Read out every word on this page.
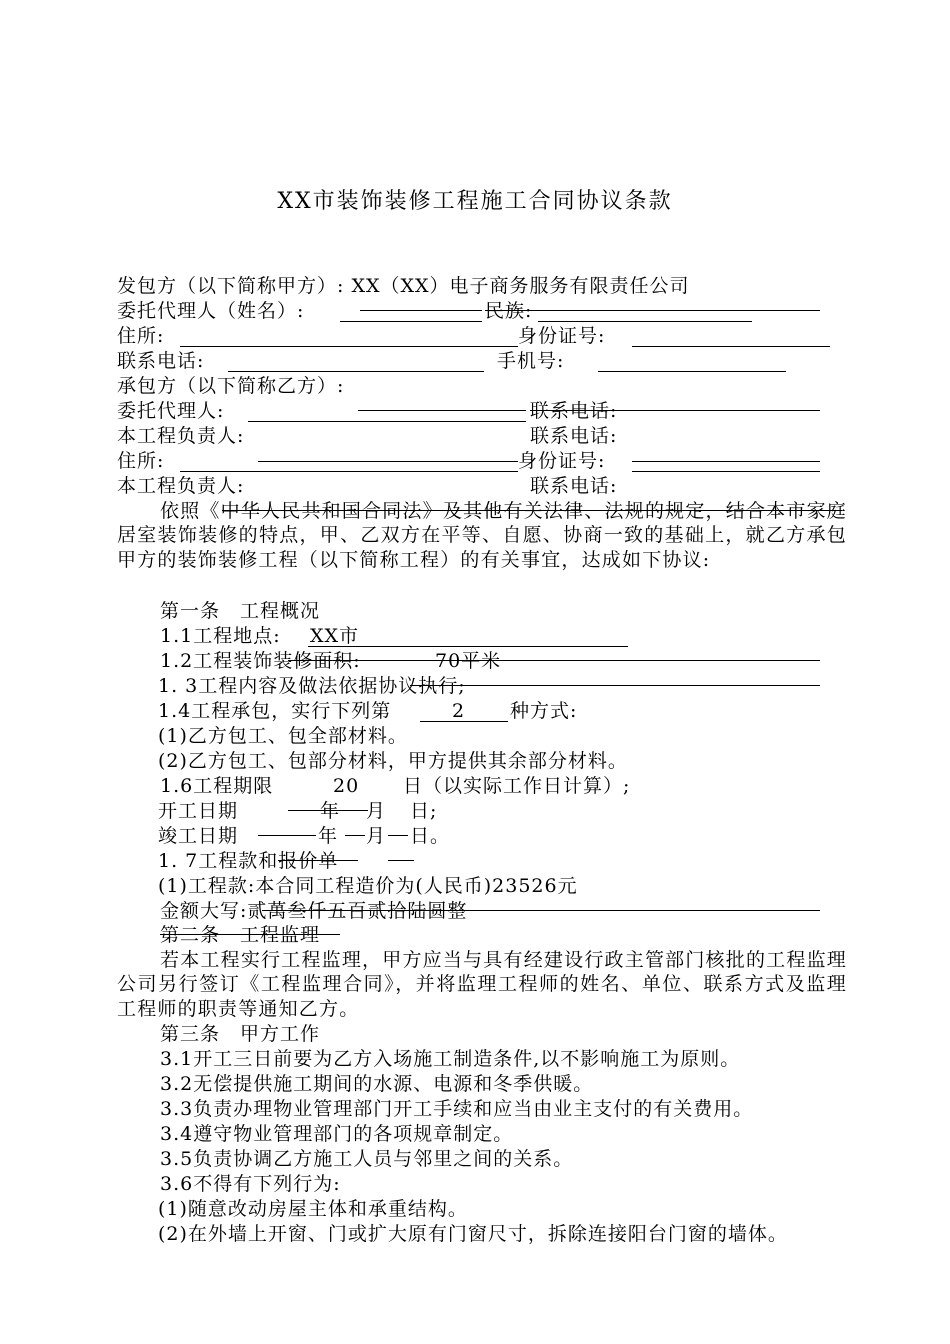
XX市装饰装修工程施工合同协议条款
发包方（以下简称甲方）: XX（XX）电子商务服务有限责任公司
委托代理人（姓名）:	民族:
住所:	身份证号:
联系电话:	手机号:
承包方（以下简称乙方）:
委托代理人:	联系电话:
本工程负责人:	联系电话:
住所:	身份证号:
本工程负责人:	联系电话:
依照《中华人民共和国合同法》及其他有关法律、法规的规定，结合本市家庭居室装饰装修的特点，甲、乙双方在平等、自愿、协商一致的基础上，就乙方承包甲方的装饰装修工程（以下简称工程）的有关事宜，达成如下协议:
第一条　工程概况
1.1工程地点: XX市
1.2工程装饰装修面积:	70平米
1. 3工程内容及做法依据协议执行;
1.4工程承包，实行下列第	2 种方式:
(1)乙方包工、包全部材料。
(2)乙方包工、包部分材料，甲方提供其余部分材料。
1.6工程期限	20 日（以实际工作日计算）;
开工日期	年 月 日;
竣工日期	年 月 日。
1. 7工程款和报价单
(1)工程款:本合同工程造价为(人民币)23526元
金额大写:贰萬叁仟五百贰拾陆圆整
第二条　工程监理
若本工程实行工程监理，甲方应当与具有经建设行政主管部门核批的工程监理公司另行签订《工程监理合同》，并将监理工程师的姓名、单位、联系方式及监理工程师的职责等通知乙方。
第三条　甲方工作
3.1开工三日前要为乙方入场施工制造条件,以不影响施工为原则。
3.2无偿提供施工期间的水源、电源和冬季供暖。
3.3负责办理物业管理部门开工手续和应当由业主支付的有关费用。
3.4遵守物业管理部门的各项规章制定。
3.5负责协调乙方施工人员与邻里之间的关系。
3.6不得有下列行为:
(1)随意改动房屋主体和承重结构。
(2)在外墙上开窗、门或扩大原有门窗尺寸，拆除连接阳台门窗的墙体。
